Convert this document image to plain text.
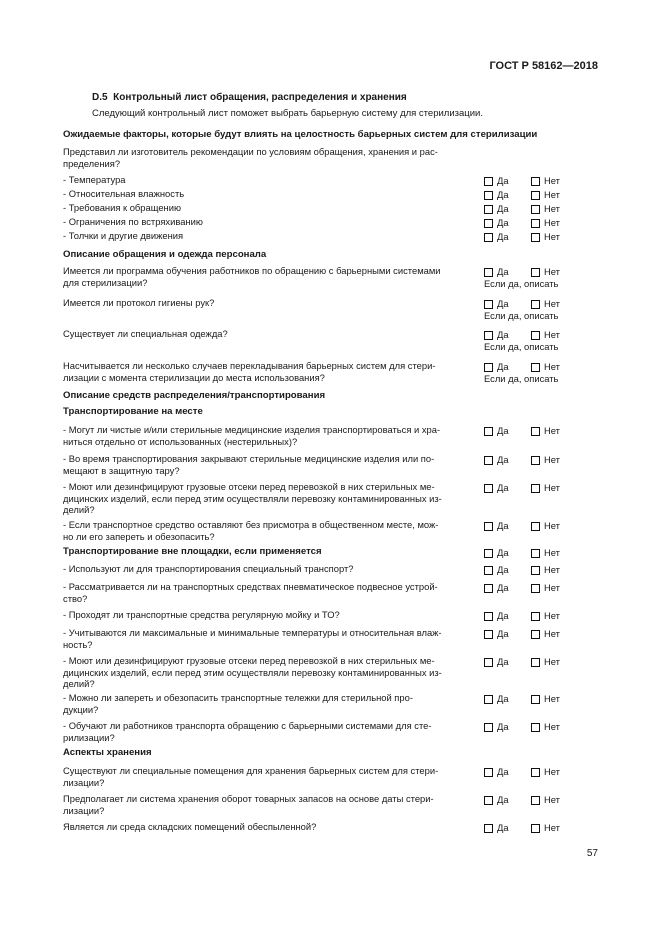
ГОСТ Р 58162—2018
D.5 Контрольный лист обращения, распределения и хранения
Следующий контрольный лист поможет выбрать барьерную систему для стерилизации.
Ожидаемые факторы, которые будут влиять на целостность барьерных систем для стерилизации
Представил ли изготовитель рекомендации по условиям обращения, хранения и рас-
пределения?
- Температура	Да	Нет
- Относительная влажность	Да	Нет
- Требования к обращению	Да	Нет
- Ограничения по встряхиванию	Да	Нет
- Толчки и другие движения	Да	Нет
Описание обращения и одежда персонала
Имеется ли программа обучения работников по обращению с барьерными системами
для стерилизации?
Да	Нет
Если да, описать
Имеется ли протокол гигиены рук?	Да	Нет
Если да, описать
Существует ли специальная одежда?	Да	Нет
Если да, описать
Насчитывается ли несколько случаев перекладывания барьерных систем для стери-
лизации с момента стерилизации до места использования?
Да	Нет
Если да, описать
Описание средств распределения/транспортирования
Транспортирование на месте
- Могут ли чистые и/или стерильные медицинские изделия транспортироваться и хра-
ниться отдельно от использованных (нестерильных)?
Да	Нет
- Во время транспортирования закрывают стерильные медицинские изделия или по-
мещают в защитную тару?
Да	Нет
- Моют или дезинфицируют грузовые отсеки перед перевозкой в них стерильных ме-
дицинских изделий, если перед этим осуществляли перевозку контаминированных из-
делий?
Да	Нет
- Если транспортное средство оставляют без присмотра в общественном месте, мож-
но ли его запереть и обезопасить?
Да	Нет
Транспортирование вне площадки, если применяется	Да	Нет
- Используют ли для транспортирования специальный транспорт?	Да	Нет
- Рассматривается ли на транспортных средствах пневматическое подвесное устрой-
ство?
Да	Нет
- Проходят ли транспортные средства регулярную мойку и ТО?	Да	Нет
- Учитываются ли максимальные и минимальные температуры и относительная влаж-
ность?
Да	Нет
- Моют или дезинфицируют грузовые отсеки перед перевозкой в них стерильных ме-
дицинских изделий, если перед этим осуществляли перевозку контаминированных из-
делий?
Да	Нет
- Можно ли запереть и обезопасить транспортные тележки для стерильной про-
дукции?
Да	Нет
- Обучают ли работников транспорта обращению с барьерными системами для сте-
рилизации?
Да	Нет
Аспекты хранения
Существуют ли специальные помещения для хранения барьерных систем для стери-
лизации?
Да	Нет
Предполагает ли система хранения оборот товарных запасов на основе даты стери-
лизации?
Да	Нет
Является ли среда складских помещений обеспыленной?	Да	Нет
57
